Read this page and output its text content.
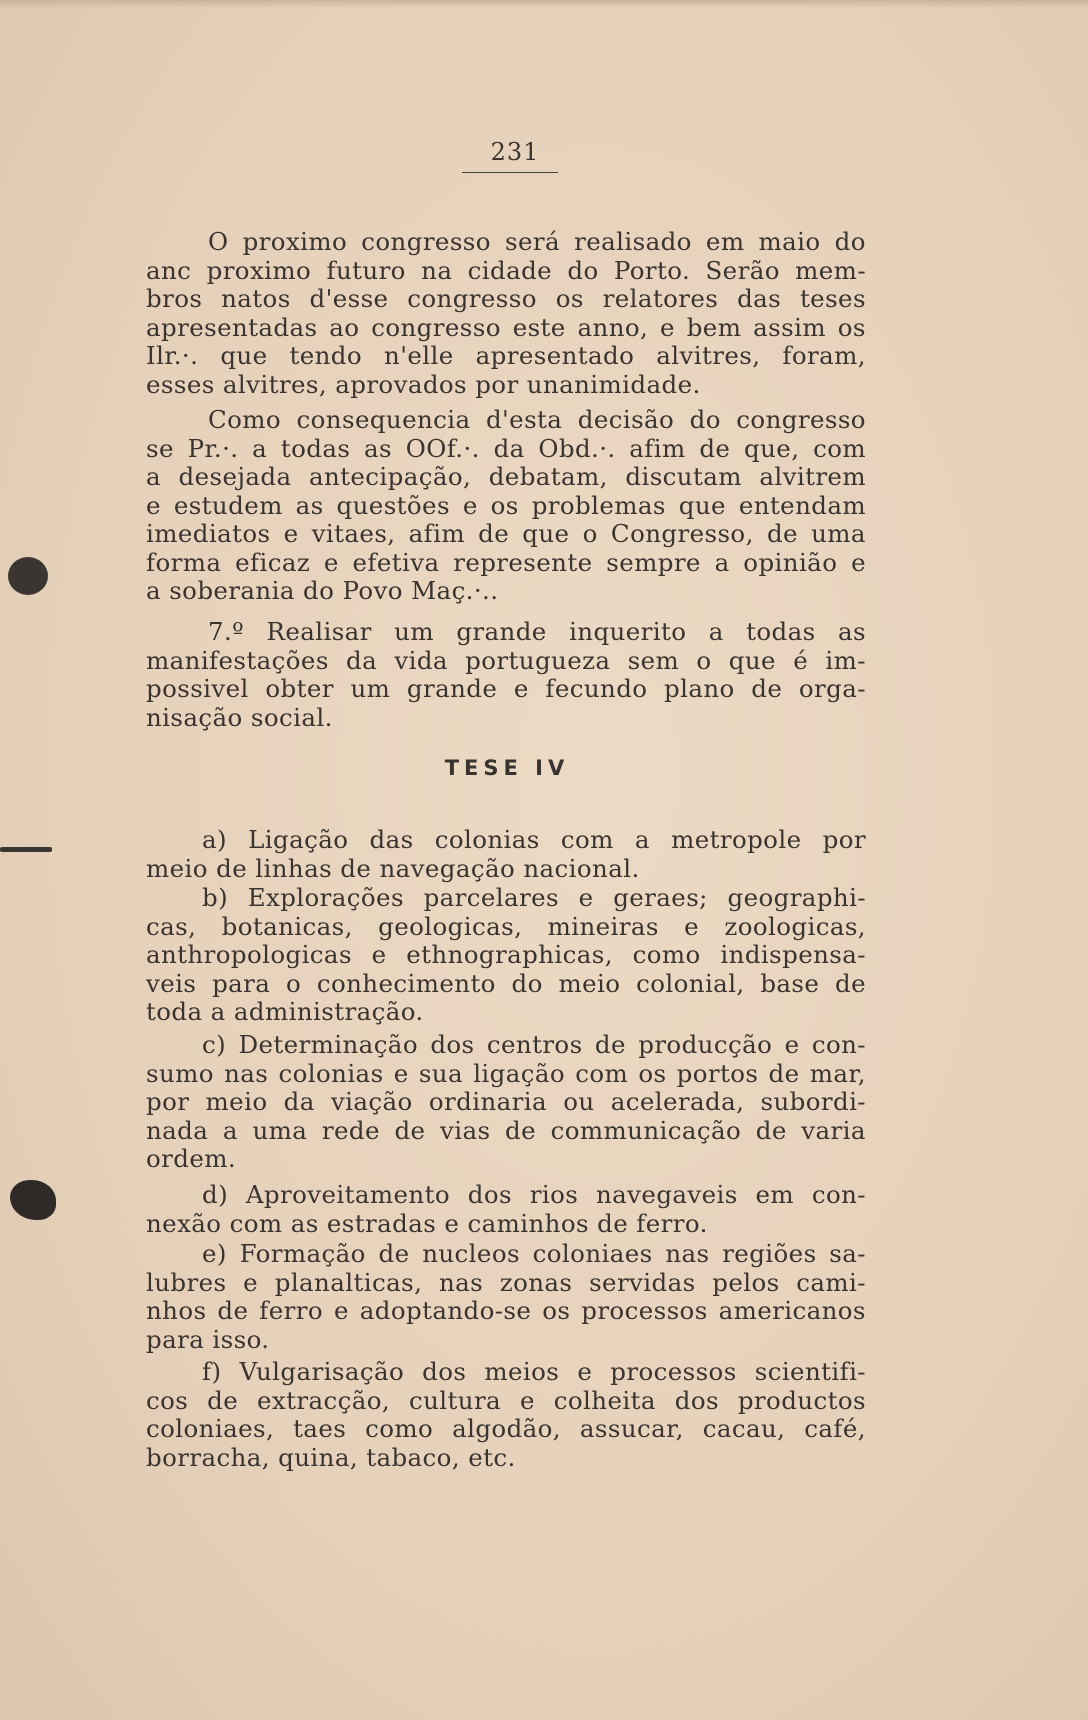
231
O proximo congresso será realisado em maio do
anc proximo futuro na cidade do Porto. Serão mem-
bros natos d'esse congresso os relatores das teses
apresentadas ao congresso este anno, e bem assim os
Ilr.·. que tendo n'elle apresentado alvitres, foram,
esses alvitres, aprovados por unanimidade.
Como consequencia d'esta decisão do congresso
se Pr.·. a todas as OOf.·. da Obd.·. afim de que, com
a desejada antecipação, debatam, discutam alvitrem
e estudem as questões e os problemas que entendam
imediatos e vitaes, afim de que o Congresso, de uma
forma eficaz e efetiva represente sempre a opinião e
a soberania do Povo Maç.·..
7.º Realisar um grande inquerito a todas as
manifestações da vida portugueza sem o que é im-
possivel obter um grande e fecundo plano de orga-
nisação social.
TESE IV
a) Ligação das colonias com a metropole por
meio de linhas de navegação nacional.
b) Explorações parcelares e geraes; geographi-
cas, botanicas, geologicas, mineiras e zoologicas,
anthropologicas e ethnographicas, como indispensa-
veis para o conhecimento do meio colonial, base de
toda a administração.
c) Determinação dos centros de producção e con-
sumo nas colonias e sua ligação com os portos de mar,
por meio da viação ordinaria ou acelerada, subordi-
nada a uma rede de vias de communicação de varia
ordem.
d) Aproveitamento dos rios navegaveis em con-
nexão com as estradas e caminhos de ferro.
e) Formação de nucleos coloniaes nas regiões sa-
lubres e planalticas, nas zonas servidas pelos cami-
nhos de ferro e adoptando-se os processos americanos
para isso.
f) Vulgarisação dos meios e processos scientifi-
cos de extracção, cultura e colheita dos productos
coloniaes, taes como algodão, assucar, cacau, café,
borracha, quina, tabaco, etc.
